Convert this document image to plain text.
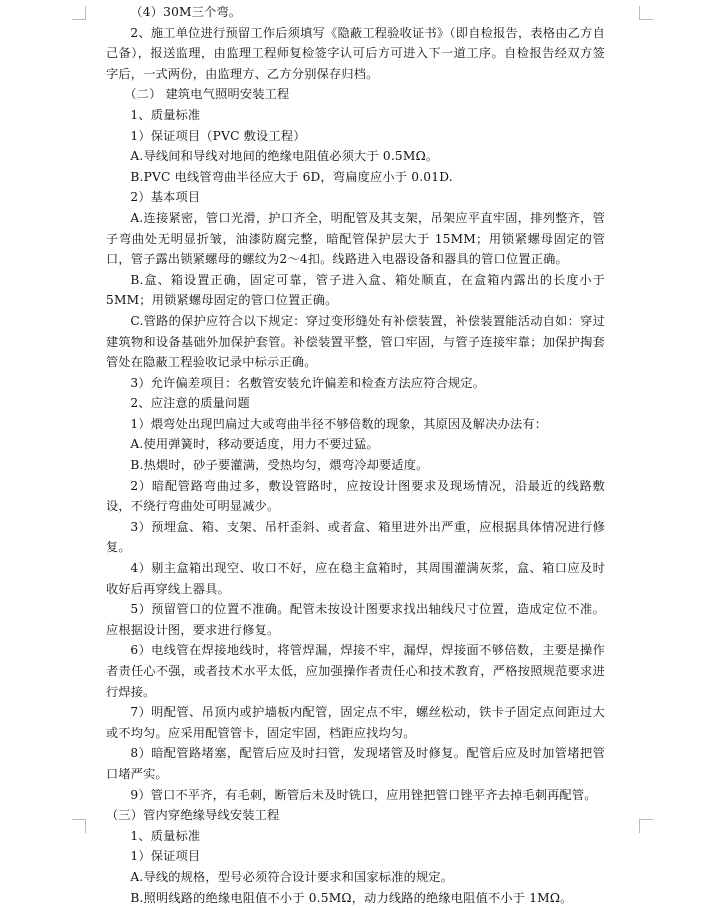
（4）30M三个弯。

2、施工单位进行预留工作后须填写《隐蔽工程验收证书》（即自检报告，表格由乙方自己备），报送监理，由监理工程师复检签字认可后方可进入下一道工序。自检报告经双方签字后，一式两份，由监理方、乙方分别保存归档。

（二） 建筑电气照明安装工程

1、质量标准

1）保证项目（PVC 敷设工程）

A.导线间和导线对地间的绝缘电阻值必须大于 0.5MΩ。

B.PVC 电线管弯曲半径应大于 6D，弯扁度应小于 0.01D.

2）基本项目

A.连接紧密，管口光滑，护口齐全，明配管及其支架，吊架应平直牢固，排列整齐，管子弯曲处无明显折皱，油漆防腐完整，暗配管保护层大于 15MM；用锁紧螺母固定的管口，管子露出锁紧螺母的螺纹为2～4扣。线路进入电器设备和器具的管口位置正确。

B.盒、箱设置正确，固定可靠，管子进入盒、箱处顺直，在盒箱内露出的长度小于 5MM；用锁紧螺母固定的管口位置正确。

C.管路的保护应符合以下规定：穿过变形缝处有补偿装置，补偿装置能活动自如：穿过建筑物和设备基础外加保护套管。补偿装置平整，管口牢固，与管子连接牢靠；加保护掏套管处在隐蔽工程验收记录中标示正确。

3）允许偏差项目：名敷管安装允许偏差和检查方法应符合规定。

2、应注意的质量问题

1）煨弯处出现凹扁过大或弯曲半径不够倍数的现象，其原因及解决办法有：

A.使用弹簧时，移动要适度，用力不要过猛。

B.热煨时，砂子要灌满，受热均匀，煨弯冷却要适度。

2）暗配管路弯曲过多，敷设管路时，应按设计图要求及现场情况，沿最近的线路敷设，不绕行弯曲处可明显减少。

3）预埋盒、箱、支架、吊杆歪斜、或者盒、箱里进外出严重，应根据具体情况进行修复。

4）剔主盒箱出现空、收口不好，应在稳主盒箱时，其周围灌满灰浆，盒、箱口应及时收好后再穿线上器具。

5）预留管口的位置不准确。配管未按设计图要求找出轴线尺寸位置，造成定位不准。应根据设计图，要求进行修复。

6）电线管在焊接地线时，将管焊漏，焊接不牢，漏焊，焊接面不够倍数，主要是操作者责任心不强，或者技术水平太低，应加强操作者责任心和技术教育，严格按照规范要求进行焊接。

7）明配管、吊顶内或护墙板内配管，固定点不牢，螺丝松动，铁卡子固定点间距过大或不均匀。应采用配管管卡，固定牢固，档距应找均匀。

8）暗配管路堵塞，配管后应及时扫管，发现堵管及时修复。配管后应及时加管堵把管口堵严实。

9）管口不平齐，有毛刺，断管后未及时铣口，应用锉把管口锉平齐去掉毛刺再配管。

（三）管内穿绝缘导线安装工程

1、质量标准

1）保证项目

A.导线的规格，型号必须符合设计要求和国家标准的规定。

B.照明线路的绝缘电阻值不小于 0.5MΩ，动力线路的绝缘电阻值不小于 1MΩ。
